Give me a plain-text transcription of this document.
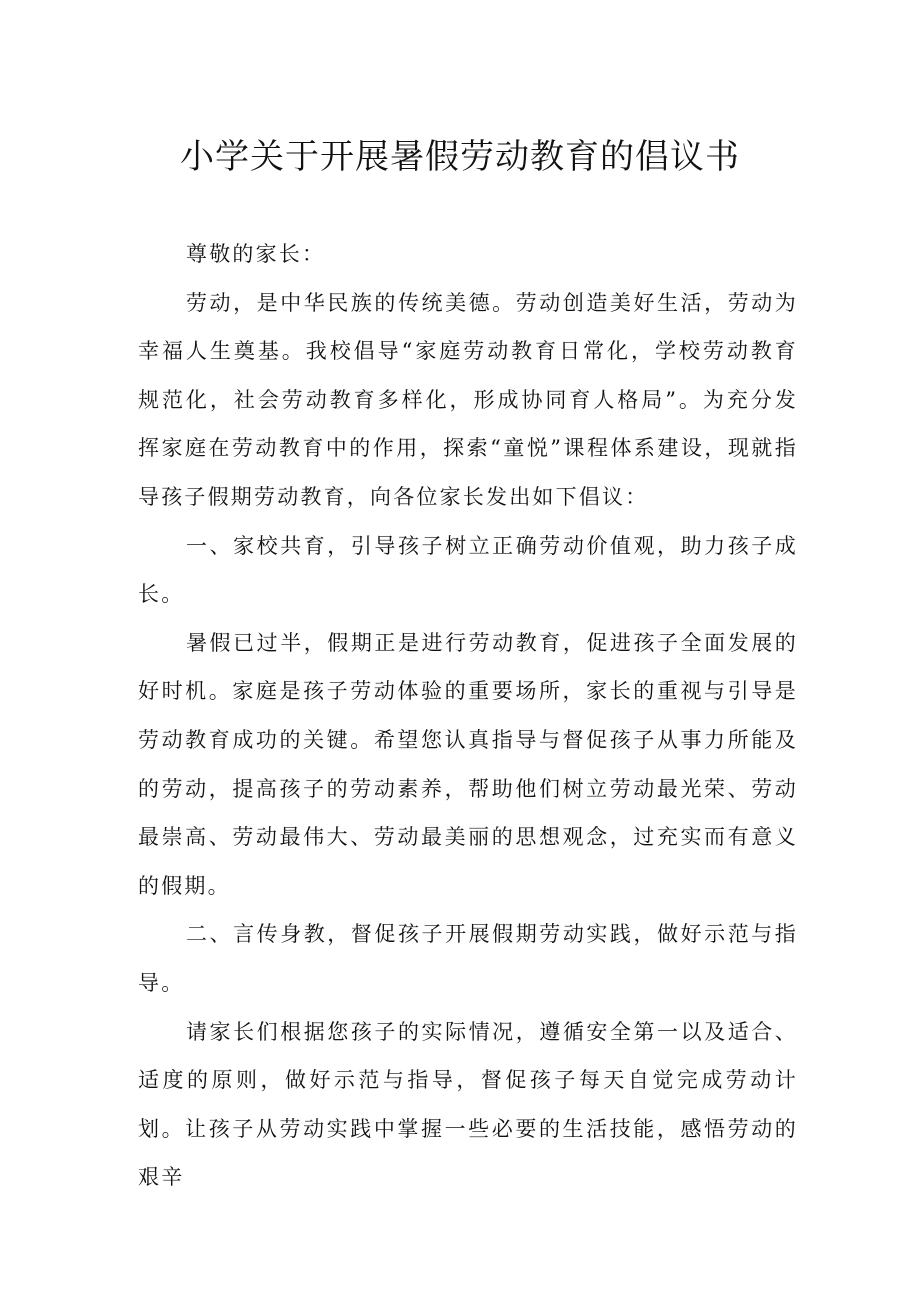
小学关于开展暑假劳动教育的倡议书

尊敬的家长：

劳动，是中华民族的传统美德。劳动创造美好生活，劳动为幸福人生奠基。我校倡导“家庭劳动教育日常化，学校劳动教育规范化，社会劳动教育多样化，形成协同育人格局”。为充分发挥家庭在劳动教育中的作用，探索“童悦”课程体系建设，现就指导孩子假期劳动教育，向各位家长发出如下倡议：

一、家校共育，引导孩子树立正确劳动价值观，助力孩子成长。

暑假已过半，假期正是进行劳动教育，促进孩子全面发展的好时机。家庭是孩子劳动体验的重要场所，家长的重视与引导是劳动教育成功的关键。希望您认真指导与督促孩子从事力所能及的劳动，提高孩子的劳动素养，帮助他们树立劳动最光荣、劳动最崇高、劳动最伟大、劳动最美丽的思想观念，过充实而有意义的假期。

二、言传身教，督促孩子开展假期劳动实践，做好示范与指导。

请家长们根据您孩子的实际情况，遵循安全第一以及适合、适度的原则，做好示范与指导，督促孩子每天自觉完成劳动计划。让孩子从劳动实践中掌握一些必要的生活技能，感悟劳动的艰辛
